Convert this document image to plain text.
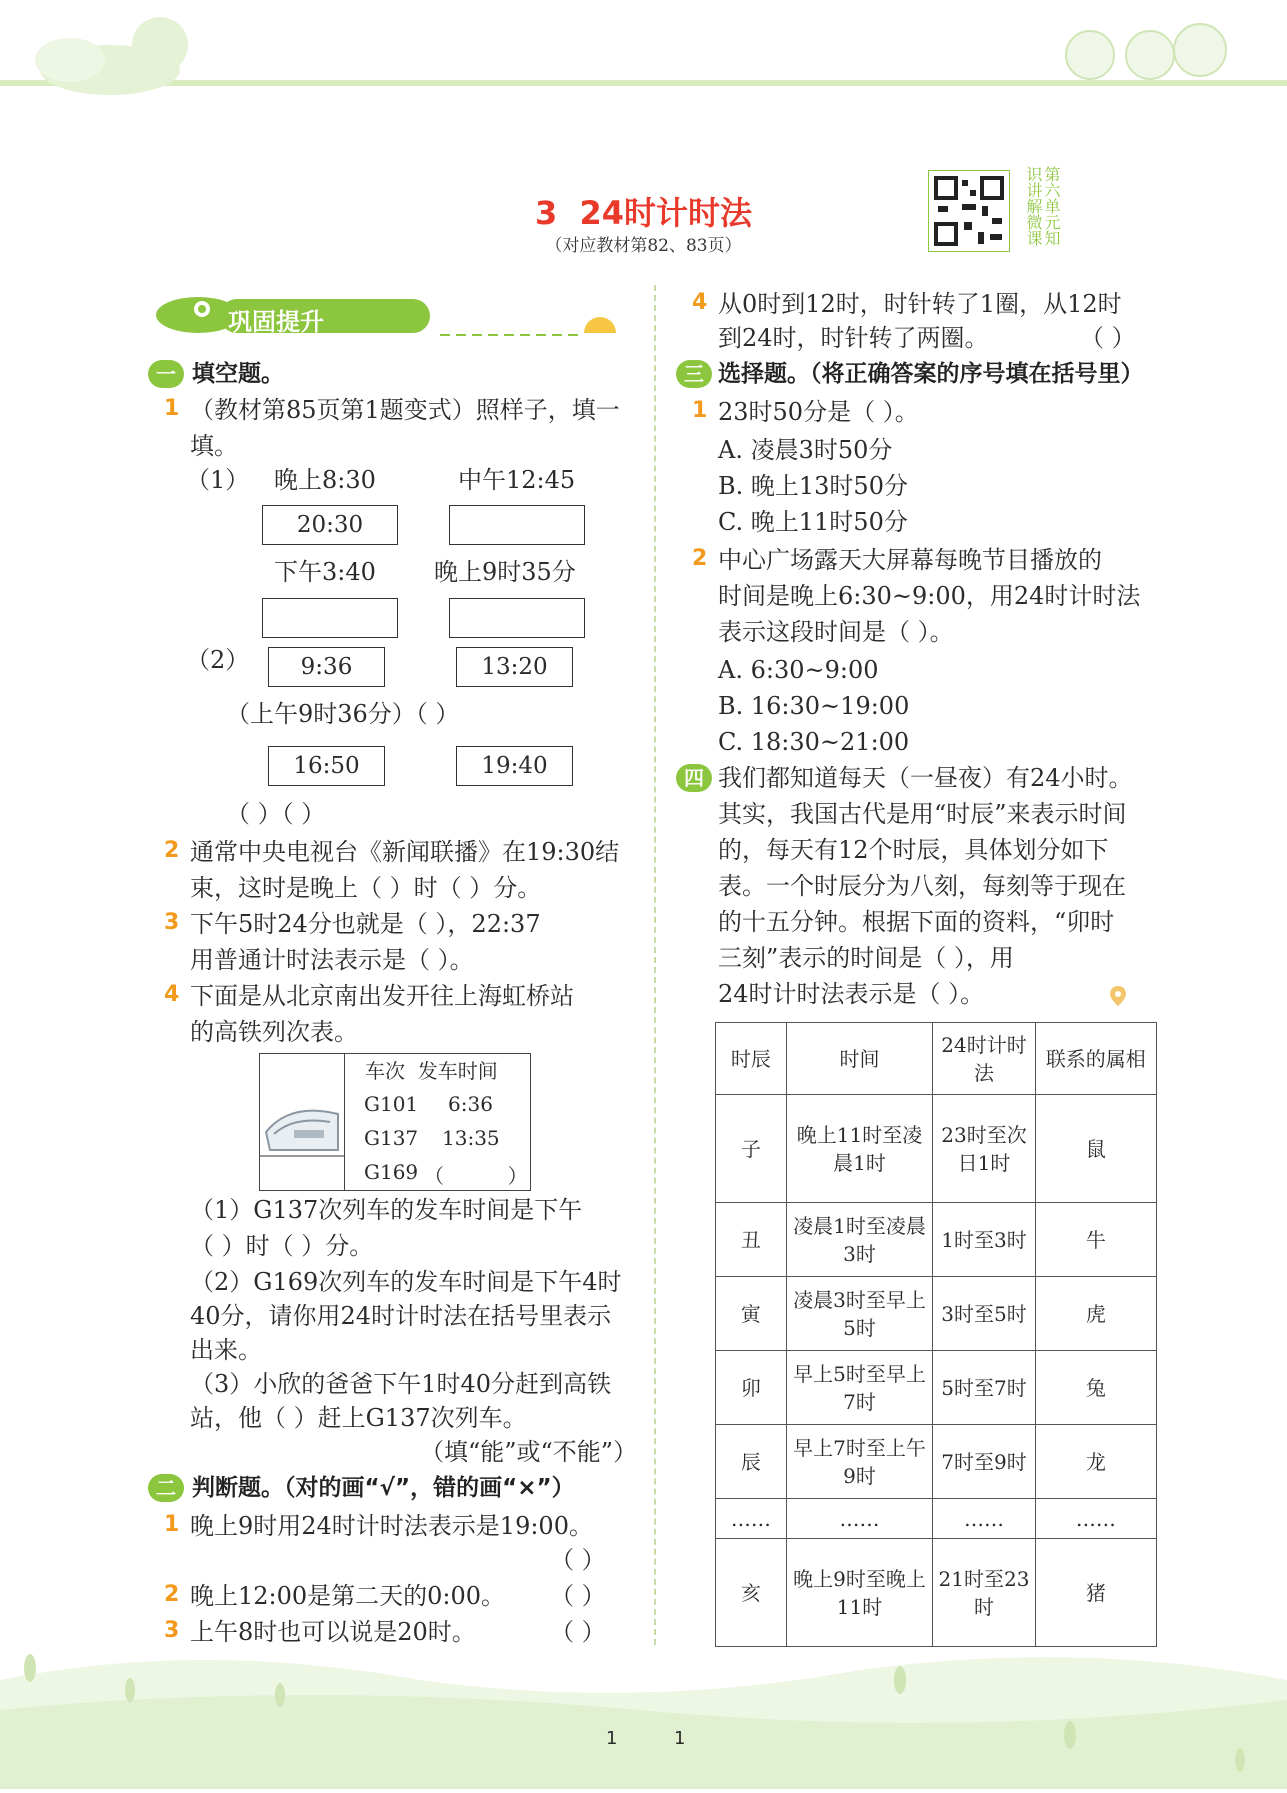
3 24时计时法
（对应教材第82、83页）	第六单元知识讲解微课
巩固提升
一 填空题。
1 （教材第85页第1题变式）照样子，填一
填。
（1） 晚上8:30	中午12:45
20:30
下午3:40 晚上9时35分
（2）	9:36	13:20
（上午9时36分）（ ）
16:50	19:40
（ ）（ ）
2 通常中央电视台《新闻联播》在19:30结
束，这时是晚上（ ）时（ ）分。
3 下午5时24分也就是（ ），22:37
用普通计时法表示是（ ）。
4 下面是从北京南出发开往上海虹桥站
的高铁列次表。
车次  发车时间
G101 6:36
G137 13:35
G169 （          ）
（1）G137次列车的发车时间是下午
（ ）时（ ）分。
（2）G169次列车的发车时间是下午4时
40分，请你用24时计时法在括号里表示
出来。
（3）小欣的爸爸下午1时40分赶到高铁
站，他（ ）赶上G137次列车。
（填“能”或“不能”）
二 判断题。（对的画“√”，错的画“×”）
1 晚上9时用24时计时法表示是19:00。
（ ）
2 晚上12:00是第二天的0:00。 （ ）
3 上午8时也可以说是20时。	（ ）
4 从0时到12时，时针转了1圈，从12时
到24时，时针转了两圈。	（ ）
三 选择题。（将正确答案的序号填在括号里）
1 23时50分是（ ）。
A. 凌晨3时50分
B. 晚上13时50分
C. 晚上11时50分
2 中心广场露天大屏幕每晚节目播放的
时间是晚上6:30~9:00，用24时计时法
表示这段时间是（ ）。
A. 6:30~9:00
B. 16:30~19:00
C. 18:30~21:00
四 我们都知道每天（一昼夜）有24小时。
其实，我国古代是用“时辰”来表示时间
的，每天有12个时辰，具体划分如下
表。一个时辰分为八刻，每刻等于现在
的十五分钟。根据下面的资料，“卯时
三刻”表示的时间是（ ），用
24时计时法表示是（ ）。
时辰	时间	24时计时法	联系的属相
子	晚上11时至凌晨1时	23时至次日1时	鼠
丑	凌晨1时至凌晨3时	1时至3时	牛
寅	凌晨3时至早上5时	3时至5时	虎
卯	早上5时至早上7时	5时至7时	兔
辰	早上7时至上午9时	7时至9时	龙
……	……	……	……
亥	晚上9时至晚上11时	21时至23时	猪
1	1
